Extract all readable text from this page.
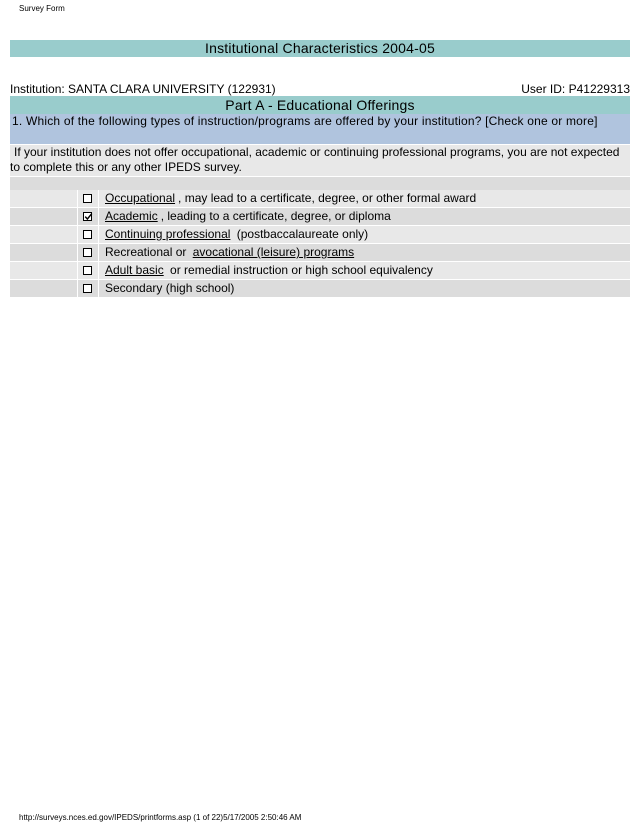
Survey Form
Institutional Characteristics 2004-05
Institution: SANTA CLARA UNIVERSITY (122931)	User ID: P41229313
Part A - Educational Offerings
1. Which of the following types of instruction/programs are offered by your institution? [Check one or more]
If your institution does not offer occupational, academic or continuing professional programs, you are not expected to complete this or any other IPEDS survey.
Occupational , may lead to a certificate, degree, or other formal award
Academic , leading to a certificate, degree, or diploma
Continuing professional (postbaccalaureate only)
Recreational or avocational (leisure) programs
Adult basic or remedial instruction or high school equivalency
Secondary (high school)
http://surveys.nces.ed.gov/IPEDS/printforms.asp (1 of 22)5/17/2005 2:50:46 AM
